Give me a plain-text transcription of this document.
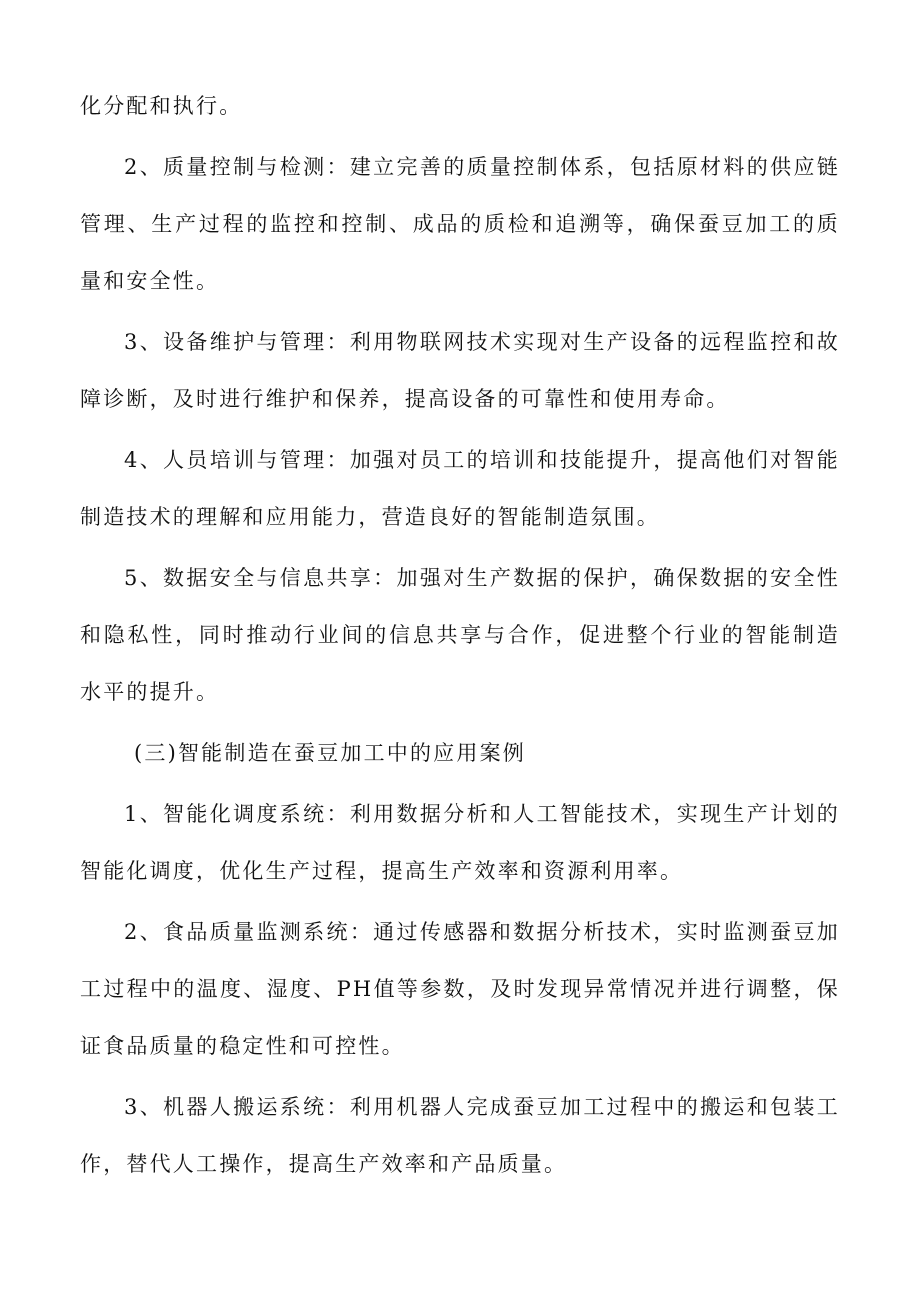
化分配和执行。

2、质量控制与检测：建立完善的质量控制体系，包括原材料的供应链管理、生产过程的监控和控制、成品的质检和追溯等，确保蚕豆加工的质量和安全性。

3、设备维护与管理：利用物联网技术实现对生产设备的远程监控和故障诊断，及时进行维护和保养，提高设备的可靠性和使用寿命。

4、人员培训与管理：加强对员工的培训和技能提升，提高他们对智能制造技术的理解和应用能力，营造良好的智能制造氛围。

5、数据安全与信息共享：加强对生产数据的保护，确保数据的安全性和隐私性，同时推动行业间的信息共享与合作，促进整个行业的智能制造水平的提升。

(三)智能制造在蚕豆加工中的应用案例

1、智能化调度系统：利用数据分析和人工智能技术，实现生产计划的智能化调度，优化生产过程，提高生产效率和资源利用率。

2、食品质量监测系统：通过传感器和数据分析技术，实时监测蚕豆加工过程中的温度、湿度、PH值等参数，及时发现异常情况并进行调整，保证食品质量的稳定性和可控性。

3、机器人搬运系统：利用机器人完成蚕豆加工过程中的搬运和包装工作，替代人工操作，提高生产效率和产品质量。
